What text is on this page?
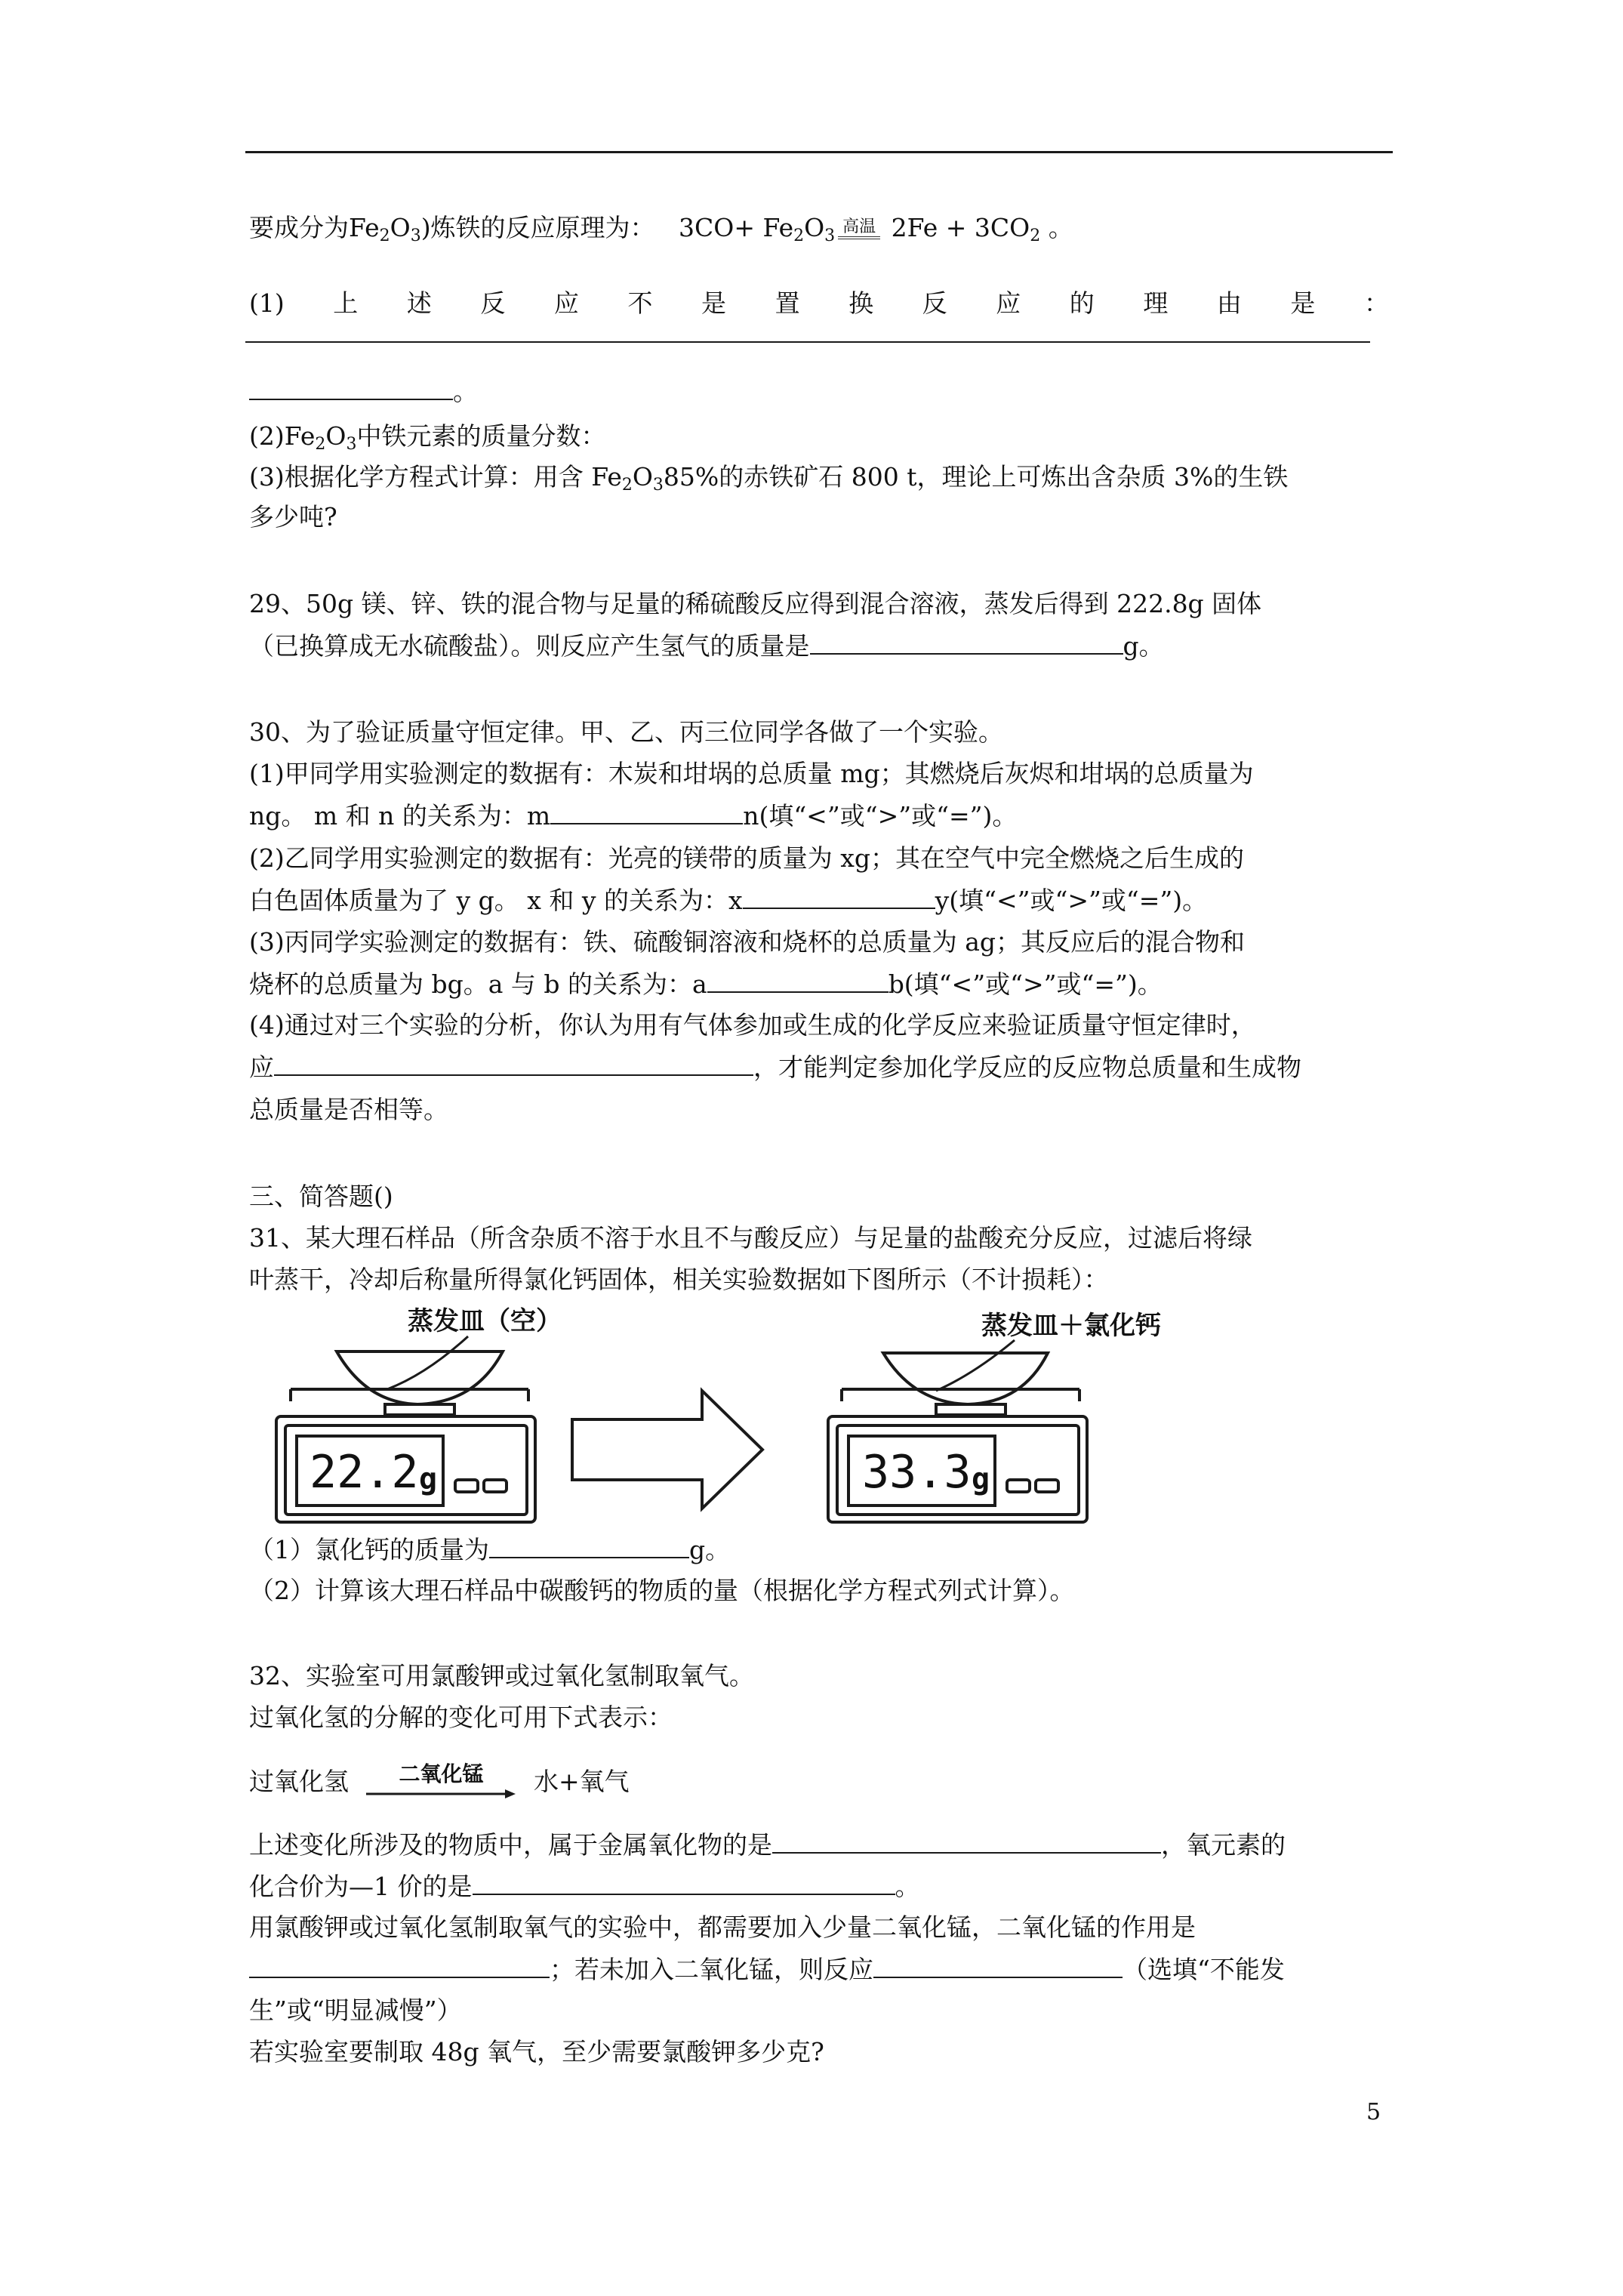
要成分为$Fe_2O_3$)炼铁的反应原理为： $3CO+ Fe_2O_3$ 高温 $2Fe + 3CO_2$ 。
(1) 上 述 反 应 不 是 置 换 反 应 的 理 由 是 ：
。
$(2)Fe_2O_3$中铁元素的质量分数：
(3)根据化学方程式计算：用含 $Fe_2O_385\%$的赤铁矿石 800 t，理论上可炼出含杂质 3%的生铁
多少吨?
29、50g 镁、锌、铁的混合物与足量的稀硫酸反应得到混合溶液，蒸发后得到 222.8g 固体
（已换算成无水硫酸盐）。则反应产生氢气的质量是	g。
30、为了验证质量守恒定律。甲、乙、丙三位同学各做了一个实验。
(1)甲同学用实验测定的数据有：木炭和坩埚的总质量 mg；其燃烧后灰烬和坩埚的总质量为
ng。 m 和 n 的关系为：m	n(填“<”或“>”或“=”)。
(2)乙同学用实验测定的数据有：光亮的镁带的质量为 xg；其在空气中完全燃烧之后生成的
白色固体质量为了 y g。 x 和 y 的关系为：x	y(填“<”或“>”或“=”)。
(3)丙同学实验测定的数据有：铁、硫酸铜溶液和烧杯的总质量为 ag；其反应后的混合物和
烧杯的总质量为 bg。a 与 b 的关系为：a	b(填“<”或“>”或“=”)。
(4)通过对三个实验的分析，你认为用有气体参加或生成的化学反应来验证质量守恒定律时，
应	，才能判定参加化学反应的反应物总质量和生成物
总质量是否相等。
三、简答题()
31、某大理石样品（所含杂质不溶于水且不与酸反应）与足量的盐酸充分反应，过滤后将绿
叶蒸干，冷却后称量所得氯化钙固体，相关实验数据如下图所示（不计损耗）：
蒸发皿（空）	蒸发皿＋氯化钙
22.2 g	33.3 g
（1）氯化钙的质量为	g。
（2）计算该大理石样品中碳酸钙的物质的量（根据化学方程式列式计算）。
32、实验室可用氯酸钾或过氧化氢制取氧气。
过氧化氢的分解的变化可用下式表示：
过氧化氢 二氧化锰 水+氧气
上述变化所涉及的物质中，属于金属氧化物的是	，氧元素的
化合价为—1 价的是	。
用氯酸钾或过氧化氢制取氧气的实验中，都需要加入少量二氧化锰，二氧化锰的作用是
；若未加入二氧化锰，则反应	（选填“不能发
生”或“明显减慢”）
若实验室要制取 48g 氧气，至少需要氯酸钾多少克?
5
